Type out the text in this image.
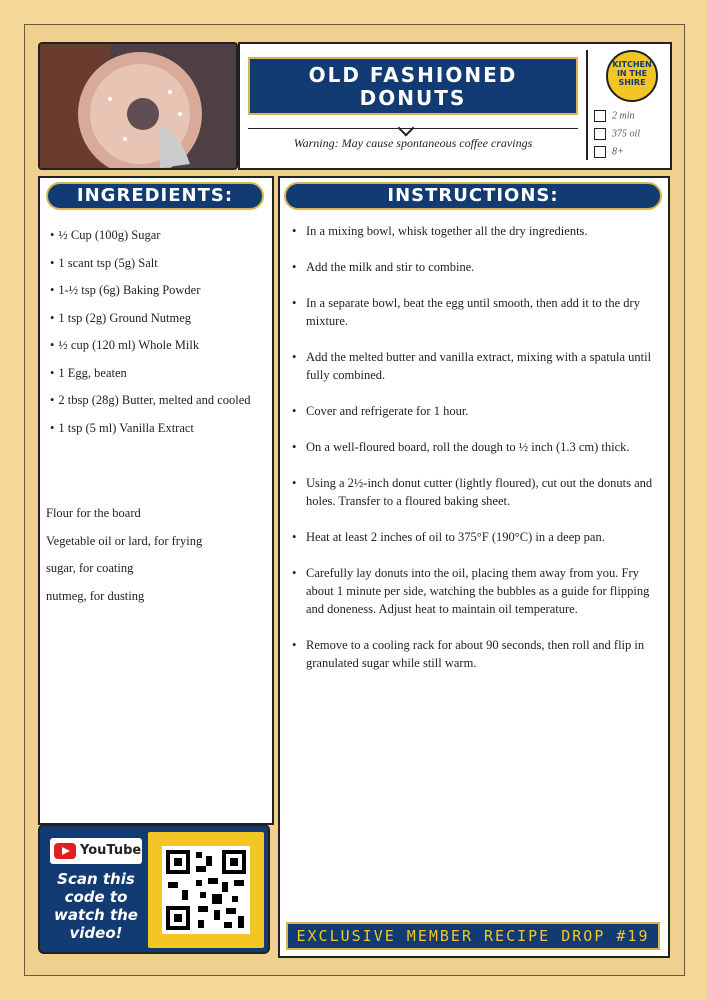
OLD FASHIONED
DONUTS
Warning: May cause spontaneous coffee cravings
KITCHEN
IN THE
SHIRE
2 min
375 oil
8+
INGREDIENTS:
• ½ Cup (100g) Sugar
• 1 scant tsp (5g) Salt
• 1-½ tsp (6g) Baking Powder
• 1 tsp (2g) Ground Nutmeg
• ½ cup (120 ml) Whole Milk
• 1 Egg, beaten
• 2 tbsp (28g) Butter, melted and cooled
• 1 tsp (5 ml) Vanilla Extract
Flour for the board
Vegetable oil or lard, for frying
sugar, for coating
nutmeg, for dusting
INSTRUCTIONS:
• In a mixing bowl, whisk together all the dry ingredients.
• Add the milk and stir to combine.
• In a separate bowl, beat the egg until smooth, then add it to the dry mixture.
• Add the melted butter and vanilla extract, mixing with a spatula until fully combined.
• Cover and refrigerate for 1 hour.
• On a well-floured board, roll the dough to ½ inch (1.3 cm) thick.
• Using a 2½-inch donut cutter (lightly floured), cut out the donuts and holes. Transfer to a floured baking sheet.
• Heat at least 2 inches of oil to 375°F (190°C) in a deep pan.
• Carefully lay donuts into the oil, placing them away from you. Fry about 1 minute per side, watching the bubbles as a guide for flipping and doneness. Adjust heat to maintain oil temperature.
• Remove to a cooling rack for about 90 seconds, then roll and flip in granulated sugar while still warm.
EXCLUSIVE MEMBER RECIPE DROP #19
YouTube
Scan this code to watch the video!
